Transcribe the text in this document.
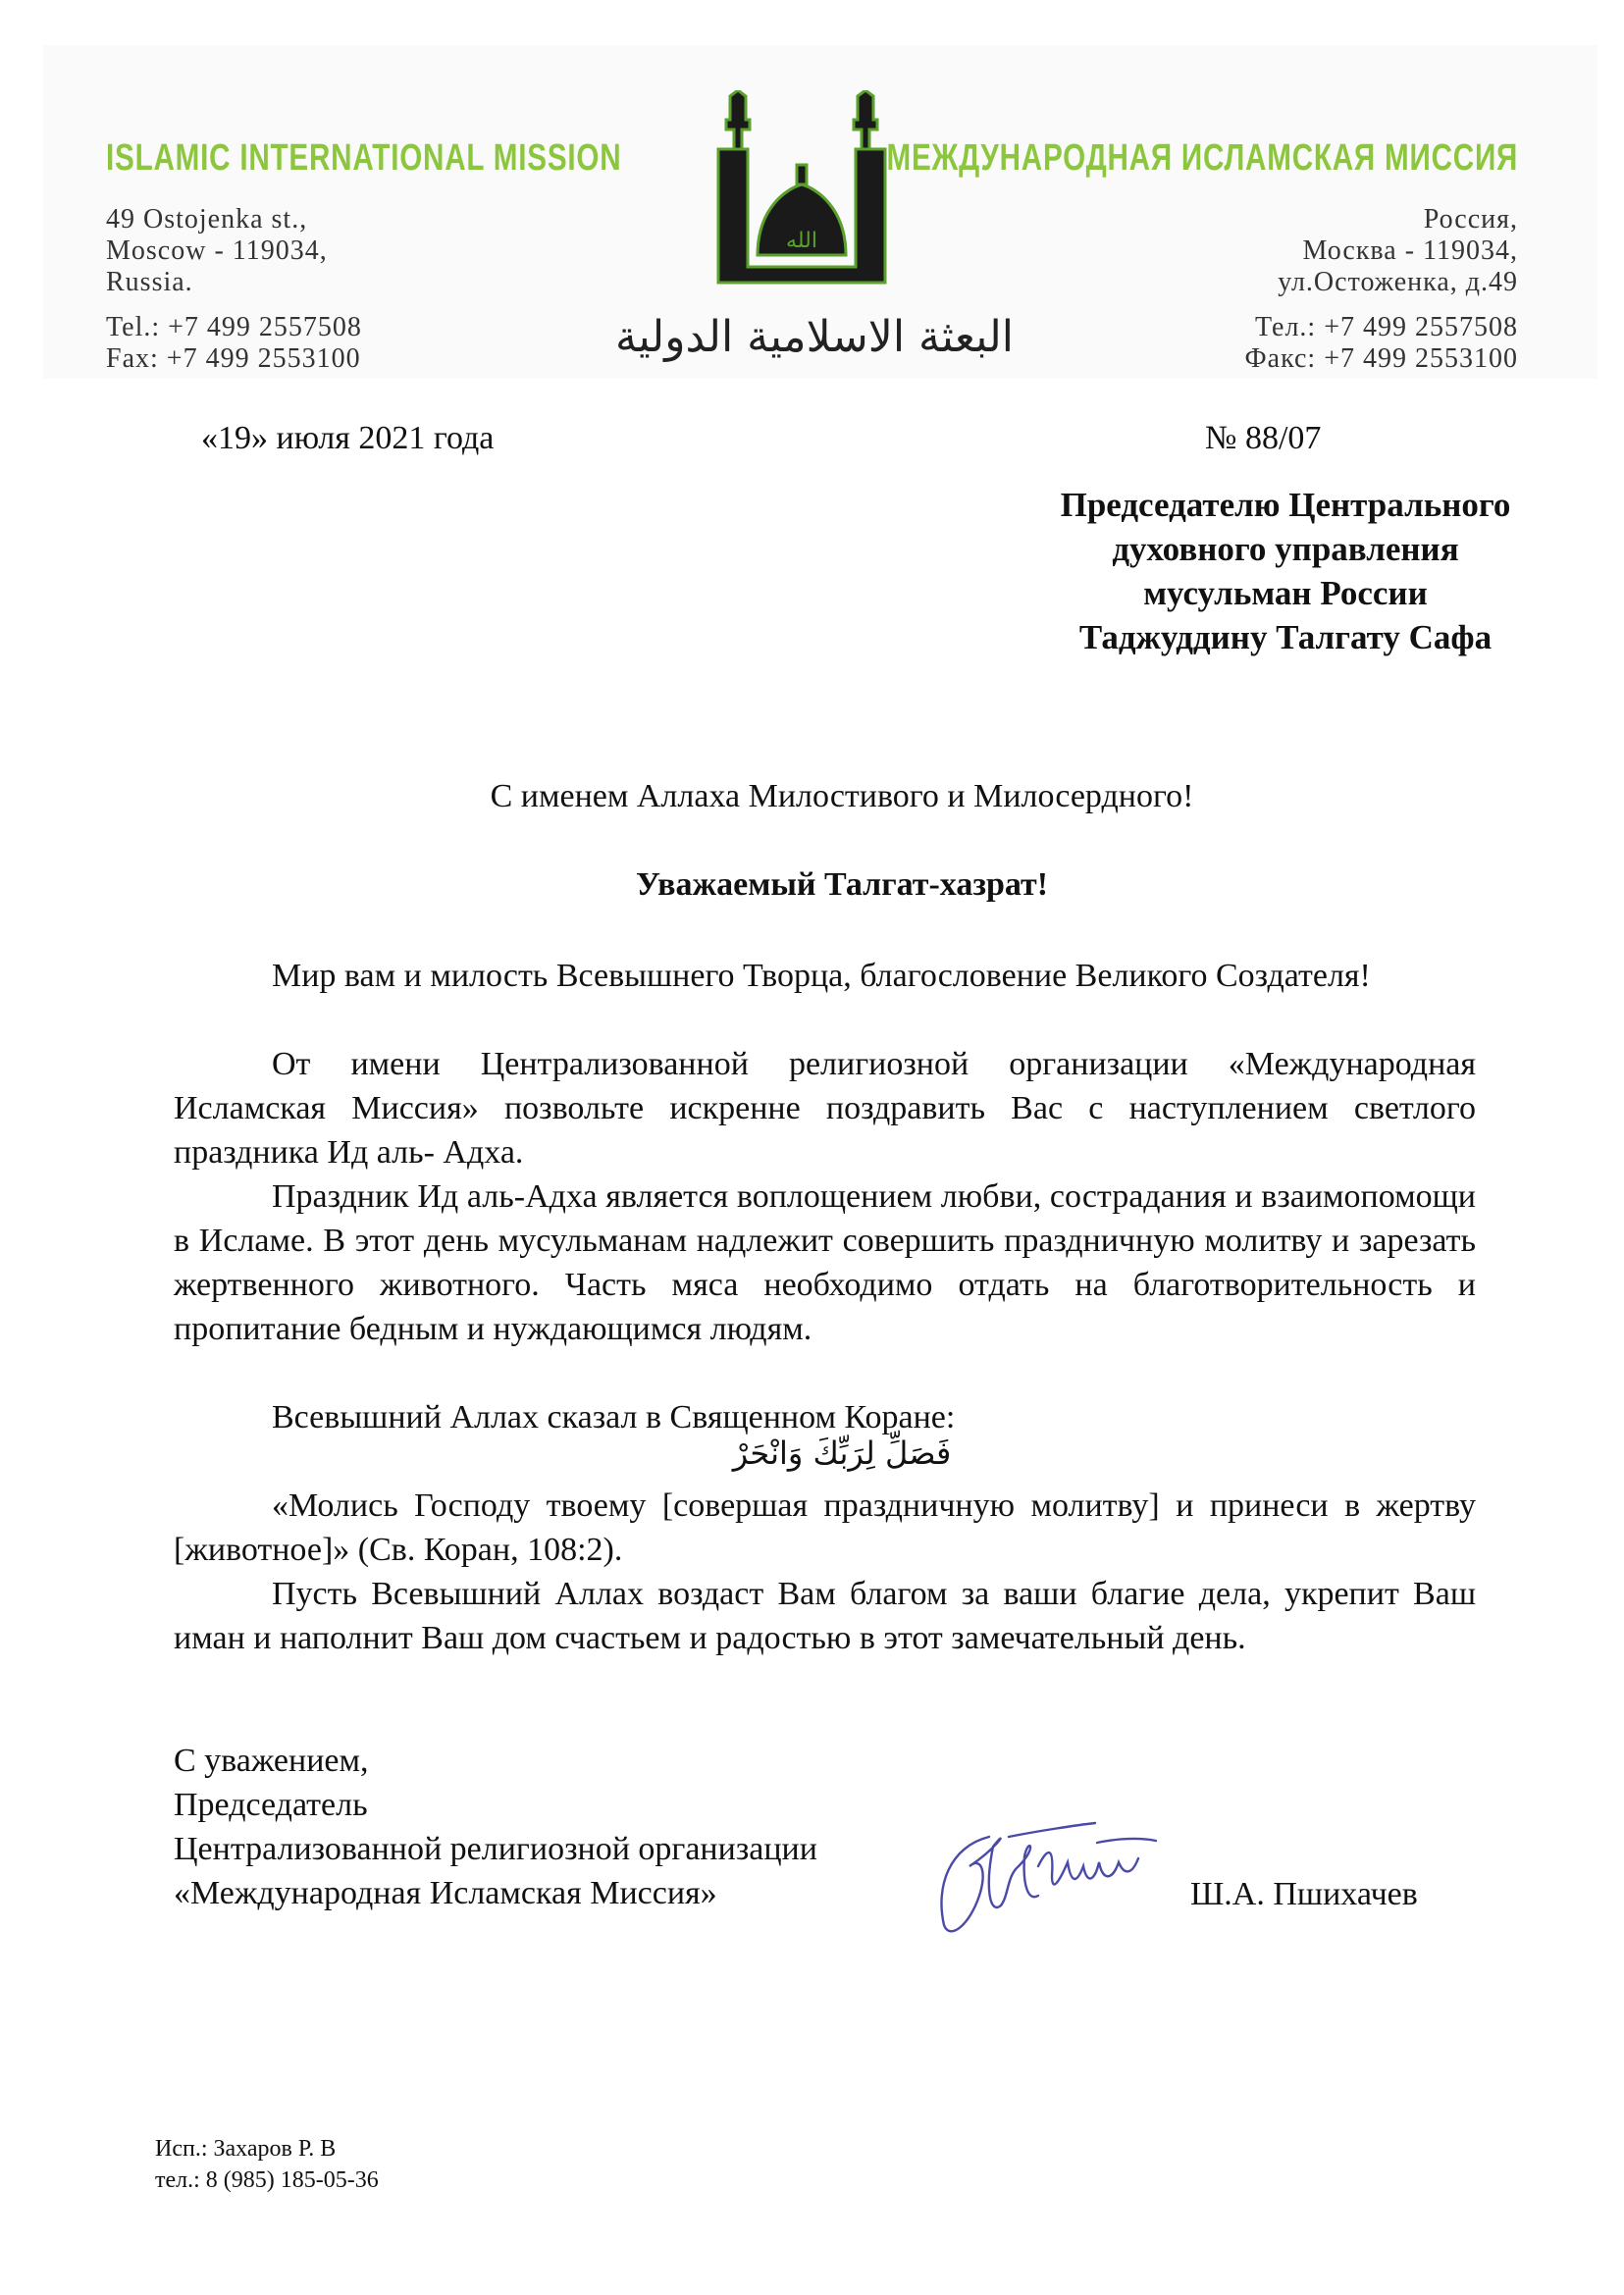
ISLAMIC INTERNATIONAL MISSION
49 Ostojenka st.,
Moscow - 119034,
Russia.
Tel.: +7 499 2557508
Fax: +7 499 2553100
الله
البعثة الاسلامية الدولية
МЕЖДУНАРОДНАЯ ИСЛАМСКАЯ МИССИЯ
Россия,
Москва - 119034,
ул.Остоженка, д.49
Тел.: +7 499 2557508
Факс: +7 499 2553100
«19» июля 2021 года	№ 88/07
Председателю Центрального
духовного управления
мусульман России
Таджуддину Талгату Сафа
С именем Аллаха Милостивого и Милосердного!
Уважаемый Талгат-хазрат!

Мир вам и милость Всевышнего Творца, благословение Великого Создателя!

От имени Централизованной религиозной организации «Международная Исламская Миссия» позвольте искренне поздравить Вас с наступлением светлого праздника Ид аль- Адха.

Праздник Ид аль-Адха является воплощением любви, сострадания и взаимопомощи в Исламе. В этот день мусульманам надлежит совершить праздничную молитву и зарезать жертвенного животного. Часть мяса необходимо отдать на благотворительность и пропитание бедным и нуждающимся людям.

Всевышний Аллах сказал в Священном Коране:

فَصَلِّ لِرَبِّكَ وَانْحَرْ

«Молись Господу твоему [совершая праздничную молитву] и принеси в жертву [животное]» (Св. Коран, 108:2).

Пусть Всевышний Аллах воздаст Вам благом за ваши благие дела, укрепит Ваш иман и наполнит Ваш дом счастьем и радостью в этот замечательный день.

С уважением,
Председатель
Централизованной религиозной организации
«Международная Исламская Миссия»	Ш.А. Пшихачев
Исп.: Захаров Р. В
тел.: 8 (985) 185-05-36
